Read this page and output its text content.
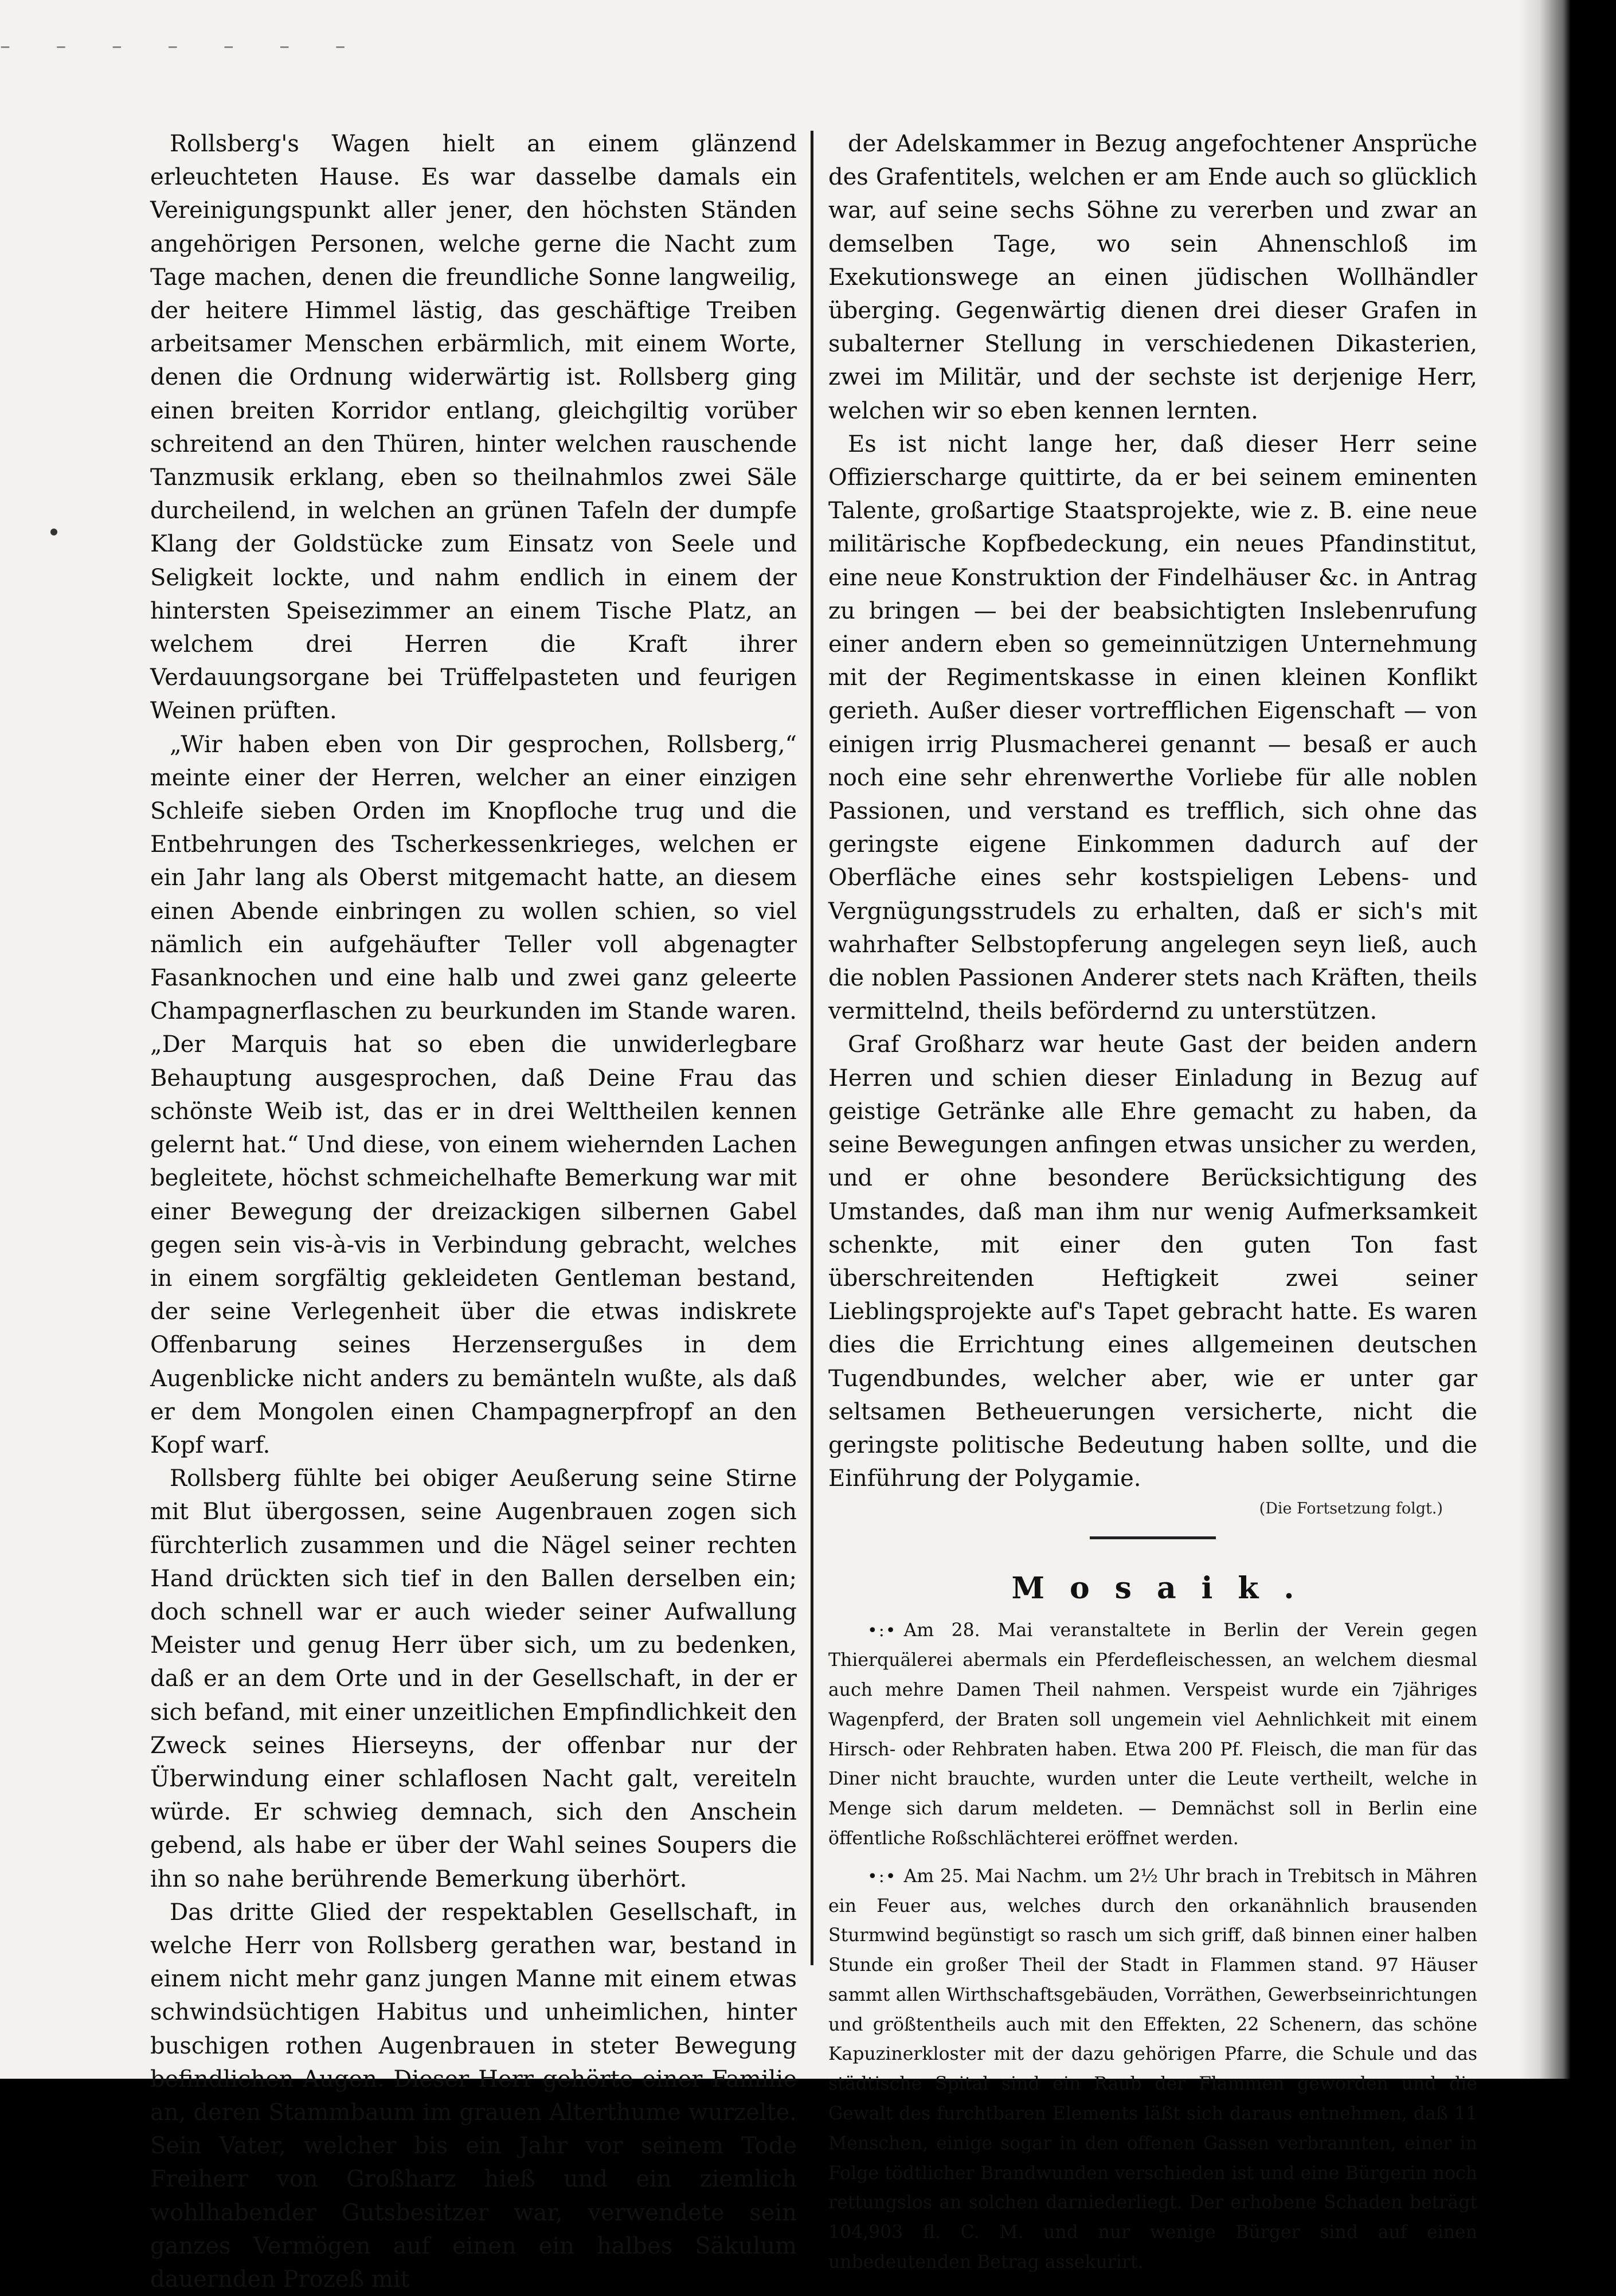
– – – – – – –

Rollsberg's Wagen hielt an einem glänzend erleuchteten Hause. Es war dasselbe damals ein Vereinigungspunkt aller jener, den höchsten Ständen angehörigen Personen, welche gerne die Nacht zum Tage machen, denen die freundliche Sonne langweilig, der heitere Himmel lästig, das geschäftige Treiben arbeitsamer Menschen erbärmlich, mit einem Worte, denen die Ordnung widerwärtig ist. Rollsberg ging einen breiten Korridor entlang, gleichgiltig vorüber schreitend an den Thüren, hinter welchen rauschende Tanzmusik erklang, eben so theilnahmlos zwei Säle durcheilend, in welchen an grünen Tafeln der dumpfe Klang der Goldstücke zum Einsatz von Seele und Seligkeit lockte, und nahm endlich in einem der hintersten Speisezimmer an einem Tische Platz, an welchem drei Herren die Kraft ihrer Verdauungsorgane bei Trüffelpasteten und feurigen Weinen prüften.

„Wir haben eben von Dir gesprochen, Rollsberg,“ meinte einer der Herren, welcher an einer einzigen Schleife sieben Orden im Knopfloche trug und die Entbehrungen des Tscherkessenkrieges, welchen er ein Jahr lang als Oberst mitgemacht hatte, an diesem einen Abende einbringen zu wollen schien, so viel nämlich ein aufgehäufter Teller voll abgenagter Fasanknochen und eine halb und zwei ganz geleerte Champagnerflaschen zu beurkunden im Stande waren. „Der Marquis hat so eben die unwiderlegbare Behauptung ausgesprochen, daß Deine Frau das schönste Weib ist, das er in drei Welttheilen kennen gelernt hat.“ Und diese, von einem wiehernden Lachen begleitete, höchst schmeichelhafte Bemerkung war mit einer Bewegung der dreizackigen silbernen Gabel gegen sein vis-à-vis in Verbindung gebracht, welches in einem sorgfältig gekleideten Gentleman bestand, der seine Verlegenheit über die etwas indiskrete Offenbarung seines Herzensergußes in dem Augenblicke nicht anders zu bemänteln wußte, als daß er dem Mongolen einen Champagnerpfropf an den Kopf warf.

Rollsberg fühlte bei obiger Aeußerung seine Stirne mit Blut übergossen, seine Augenbrauen zogen sich fürchterlich zusammen und die Nägel seiner rechten Hand drückten sich tief in den Ballen derselben ein; doch schnell war er auch wieder seiner Aufwallung Meister und genug Herr über sich, um zu bedenken, daß er an dem Orte und in der Gesellschaft, in der er sich befand, mit einer unzeitlichen Empfindlichkeit den Zweck seines Hierseyns, der offenbar nur der Überwindung einer schlaflosen Nacht galt, vereiteln würde. Er schwieg demnach, sich den Anschein gebend, als habe er über der Wahl seines Soupers die ihn so nahe berührende Bemerkung überhört.

Das dritte Glied der respektablen Gesellschaft, in welche Herr von Rollsberg gerathen war, bestand in einem nicht mehr ganz jungen Manne mit einem etwas schwindsüchtigen Habitus und unheimlichen, hinter buschigen rothen Augenbrauen in steter Bewegung befindlichen Augen. Dieser Herr gehörte einer Familie an, deren Stammbaum im grauen Alterthume wurzelte. Sein Vater, welcher bis ein Jahr vor seinem Tode Freiherr von Großharz hieß und ein ziemlich wohlhabender Gutsbesitzer war, verwendete sein ganzes Vermögen auf einen ein halbes Säkulum dauernden Prozeß mit

der Adelskammer in Bezug angefochtener Ansprüche des Grafentitels, welchen er am Ende auch so glücklich war, auf seine sechs Söhne zu vererben und zwar an demselben Tage, wo sein Ahnenschloß im Exekutionswege an einen jüdischen Wollhändler überging. Gegenwärtig dienen drei dieser Grafen in subalterner Stellung in verschiedenen Dikasterien, zwei im Militär, und der sechste ist derjenige Herr, welchen wir so eben kennen lernten.

Es ist nicht lange her, daß dieser Herr seine Offizierscharge quittirte, da er bei seinem eminenten Talente, großartige Staatsprojekte, wie z. B. eine neue militärische Kopfbedeckung, ein neues Pfandinstitut, eine neue Konstruktion der Findelhäuser &c. in Antrag zu bringen — bei der beabsichtigten Inslebenrufung einer andern eben so gemeinnützigen Unternehmung mit der Regimentskasse in einen kleinen Konflikt gerieth. Außer dieser vortrefflichen Eigenschaft — von einigen irrig Plusmacherei genannt — besaß er auch noch eine sehr ehrenwerthe Vorliebe für alle noblen Passionen, und verstand es trefflich, sich ohne das geringste eigene Einkommen dadurch auf der Oberfläche eines sehr kostspieligen Lebens- und Vergnügungsstrudels zu erhalten, daß er sich's mit wahrhafter Selbstopferung angelegen seyn ließ, auch die noblen Passionen Anderer stets nach Kräften, theils vermittelnd, theils befördernd zu unterstützen.

Graf Großharz war heute Gast der beiden andern Herren und schien dieser Einladung in Bezug auf geistige Getränke alle Ehre gemacht zu haben, da seine Bewegungen anfingen etwas unsicher zu werden, und er ohne besondere Berücksichtigung des Umstandes, daß man ihm nur wenig Aufmerksamkeit schenkte, mit einer den guten Ton fast überschreitenden Heftigkeit zwei seiner Lieblingsprojekte auf's Tapet gebracht hatte. Es waren dies die Errichtung eines allgemeinen deutschen Tugendbundes, welcher aber, wie er unter gar seltsamen Betheuerungen versicherte, nicht die geringste politische Bedeutung haben sollte, und die Einführung der Polygamie.

(Die Fortsetzung folgt.)
Mosaik.

•:• Am 28. Mai veranstaltete in Berlin der Verein gegen Thierquälerei abermals ein Pferdefleischessen, an welchem diesmal auch mehre Damen Theil nahmen. Verspeist wurde ein 7jähriges Wagenpferd, der Braten soll ungemein viel Aehnlichkeit mit einem Hirsch- oder Rehbraten haben. Etwa 200 Pf. Fleisch, die man für das Diner nicht brauchte, wurden unter die Leute vertheilt, welche in Menge sich darum meldeten. — Demnächst soll in Berlin eine öffentliche Roßschlächterei eröffnet werden.

•:• Am 25. Mai Nachm. um 2½ Uhr brach in Trebitsch in Mähren ein Feuer aus, welches durch den orkanähnlich brausenden Sturmwind begünstigt so rasch um sich griff, daß binnen einer halben Stunde ein großer Theil der Stadt in Flammen stand. 97 Häuser sammt allen Wirthschaftsgebäuden, Vorräthen, Gewerbseinrichtungen und größtentheils auch mit den Effekten, 22 Schenern, das schöne Kapuzinerkloster mit der dazu gehörigen Pfarre, die Schule und das städtische Spital sind ein Raub der Flammen geworden und die Gewalt des furchtbaren Elements läßt sich daraus entnehmen, daß 11 Menschen, einige sogar in den offenen Gassen verbrannten, einer in Folge tödtlicher Brandwunden verschieden ist und eine Bürgerin noch rettungslos an solchen darniederliegt. Der erhobene Schaden beträgt 104,903 fl. C. M. und nur wenige Bürger sind auf einen unbedeutenden Betrag assekurirt.
